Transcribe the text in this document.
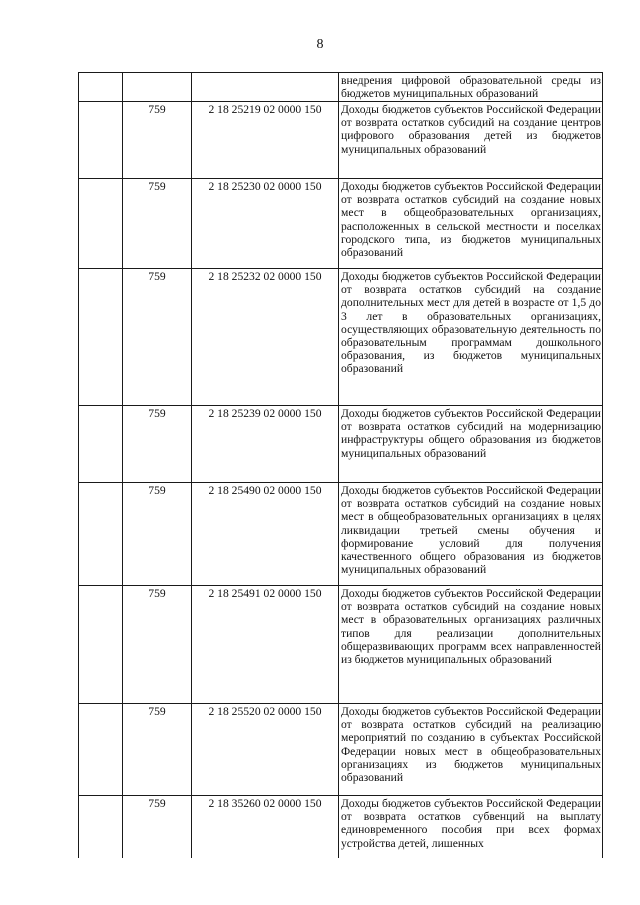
8

			внедрения цифровой образовательной среды из бюджетов муниципальных образований

	759	2 18 25219 02 0000 150	Доходы бюджетов субъектов Российской Федерации от возврата остатков субсидий на создание центров цифрового образования детей из бюджетов муниципальных образований

	759	2 18 25230 02 0000 150	Доходы бюджетов субъектов Российской Федерации от возврата остатков субсидий на создание новых мест в общеобразовательных организациях, расположенных в сельской местности и поселках городского типа, из бюджетов муниципальных образований

	759	2 18 25232 02 0000 150	Доходы бюджетов субъектов Российской Федерации от возврата остатков субсидий на создание дополнительных мест для детей в возрасте от 1,5 до 3 лет в образовательных организациях, осуществляющих образовательную деятельность по образовательным программам дошкольного образования, из бюджетов муниципальных образований

	759	2 18 25239 02 0000 150	Доходы бюджетов субъектов Российской Федерации от возврата остатков субсидий на модернизацию инфраструктуры общего образования из бюджетов муниципальных образований

	759	2 18 25490 02 0000 150	Доходы бюджетов субъектов Российской Федерации от возврата остатков субсидий на создание новых мест в общеобразовательных организациях в целях ликвидации третьей смены обучения и формирование условий для получения качественного общего образования из бюджетов муниципальных образований

	759	2 18 25491 02 0000 150	Доходы бюджетов субъектов Российской Федерации от возврата остатков субсидий на создание новых мест в образовательных организациях различных типов для реализации дополнительных общеразвивающих программ всех направленностей из бюджетов муниципальных образований

	759	2 18 25520 02 0000 150	Доходы бюджетов субъектов Российской Федерации от возврата остатков субсидий на реализацию мероприятий по созданию в субъектах Российской Федерации новых мест в общеобразовательных организациях из бюджетов муниципальных образований

	759	2 18 35260 02 0000 150	Доходы бюджетов субъектов Российской Федерации от возврата остатков субвенций на выплату единовременного пособия при всех формах устройства детей, лишенных
